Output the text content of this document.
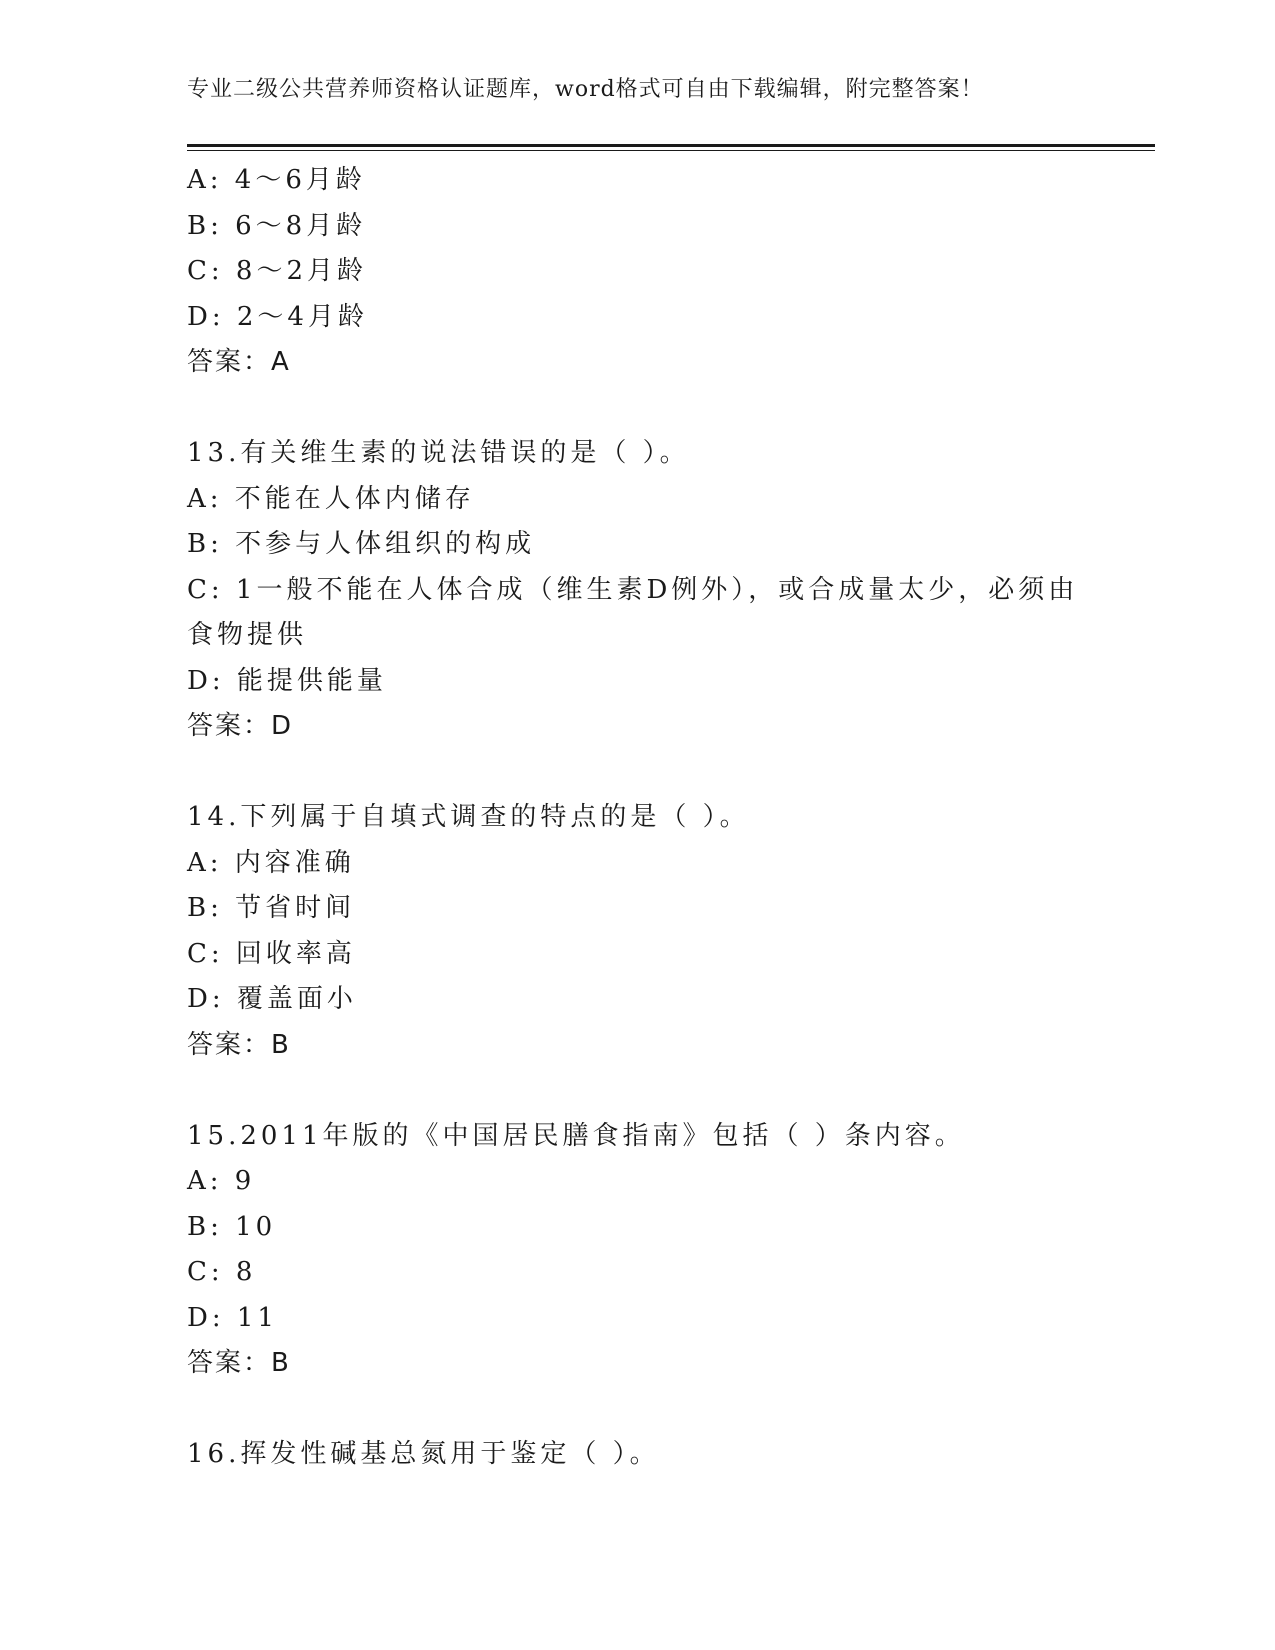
专业二级公共营养师资格认证题库，word格式可自由下载编辑，附完整答案！
A: 4～6月龄
B: 6～8月龄
C: 8～2月龄
D: 2～4月龄
答案：A
13.有关维生素的说法错误的是（ ）。
A: 不能在人体内储存
B: 不参与人体组织的构成
C: 1一般不能在人体合成（维生素D例外），或合成量太少，必须由
食物提供
D: 能提供能量
答案：D
14.下列属于自填式调查的特点的是（ ）。
A: 内容准确
B: 节省时间
C: 回收率高
D: 覆盖面小
答案：B
15.2011年版的《中国居民膳食指南》包括（ ）条内容。
A: 9
B: 10
C: 8
D: 11
答案：B
16.挥发性碱基总氮用于鉴定（ ）。
